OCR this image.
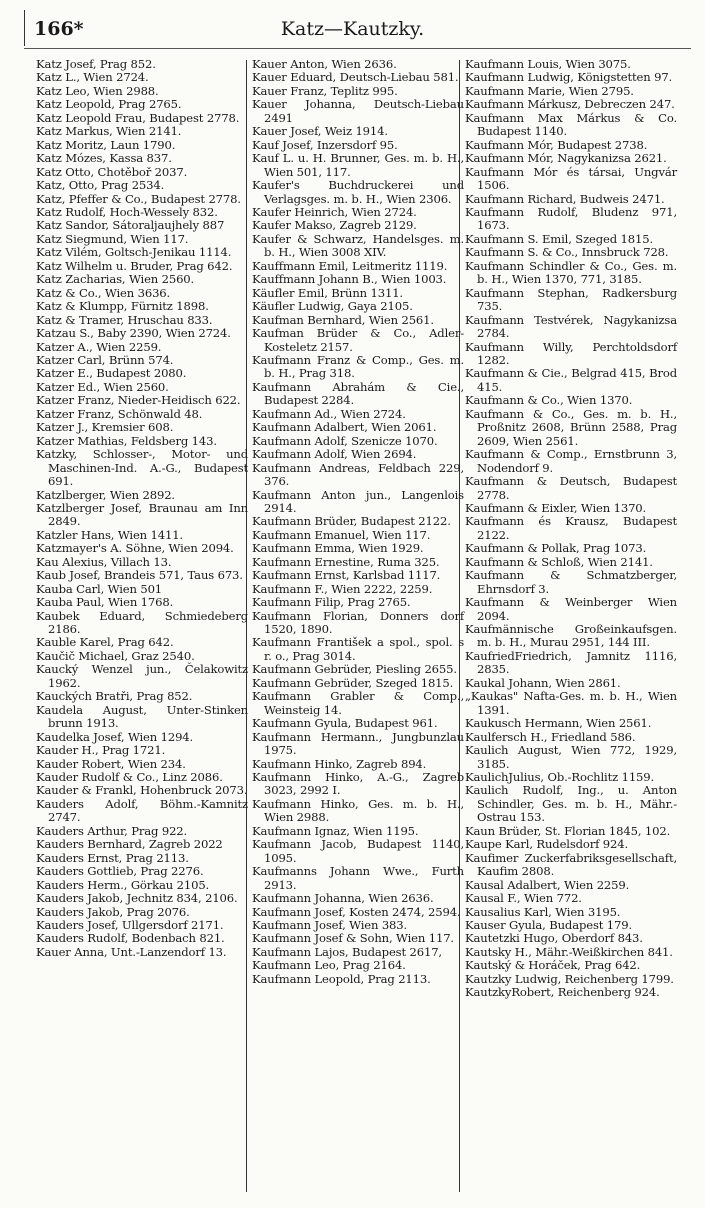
166*	Katz—Kautzky.
Katz Josef, Prag 852.
Katz L., Wien 2724.
Katz Leo, Wien 2988.
Katz Leopold, Prag 2765.
Katz Leopold Frau, Budapest 2778.
Katz Markus, Wien 2141.
Katz Moritz, Laun 1790.
Katz Mózes, Kassa 837.
Katz Otto, Chotěboř 2037.
Katz, Otto, Prag 2534.
Katz, Pfeffer & Co., Budapest 2778.
Katz Rudolf, Hoch-Wessely 832.
Katz Sandor, Sátoraljaujhely 887
Katz Siegmund, Wien 117.
Katz Vilém, Goltsch-Jenikau 1114.
Katz Wilhelm u. Bruder, Prag 642.
Katz Zacharias, Wien 2560.
Katz & Co., Wien 3636.
Katz & Klumpp, Fürnitz 1898.
Katz & Tramer, Hruschau 833.
Katzau S., Baby 2390, Wien 2724.
Katzer A., Wien 2259.
Katzer Carl, Brünn 574.
Katzer E., Budapest 2080.
Katzer Ed., Wien 2560.
Katzer Franz, Nieder-Heidisch 622.
Katzer Franz, Schönwald 48.
Katzer J., Kremsier 608.
Katzer Mathias, Feldsberg 143.
Katzky, Schlosser-, Motor- und Maschinen-Ind. A.-G., Budapest 691.
Katzlberger, Wien 2892.
Katzlberger Josef, Braunau am Inn 2849.
Katzler Hans, Wien 1411.
Katzmayer's A. Söhne, Wien 2094.
Kau Alexius, Villach 13.
Kaub Josef, Brandeis 571, Taus 673.
Kauba Carl, Wien 501
Kauba Paul, Wien 1768.
Kaubek Eduard, Schmiedeberg 2186.
Kauble Karel, Prag 642.
Kaučič Michael, Graz 2540.
Kaucký Wenzel jun., Čelakowitz 1962.
Kauckých Bratři, Prag 852.
Kaudela August, Unter-Stinken brunn 1913.
Kaudelka Josef, Wien 1294.
Kauder H., Prag 1721.
Kauder Robert, Wien 234.
Kauder Rudolf & Co., Linz 2086.
Kauder & Frankl, Hohenbruck 2073.
Kauders Adolf, Böhm.-Kamnitz 2747.
Kauders Arthur, Prag 922.
Kauders Bernhard, Zagreb 2022
Kauders Ernst, Prag 2113.
Kauders Gottlieb, Prag 2276.
Kauders Herm., Görkau 2105.
Kauders Jakob, Jechnitz 834, 2106.
Kauders Jakob, Prag 2076.
Kauders Josef, Ullgersdorf 2171.
Kauders Rudolf, Bodenbach 821.
Kauer Anna, Unt.-Lanzendorf 13.
Kauer Anton, Wien 2636.
Kauer Eduard, Deutsch-Liebau 581.
Kauer Franz, Teplitz 995.
Kauer Johanna, Deutsch-Liebau 2491
Kauer Josef, Weiz 1914.
Kauf Josef, Inzersdorf 95.
Kauf L. u. H. Brunner, Ges. m. b. H., Wien 501, 117.
Kaufer's Buchdruckerei und Verlagsges. m. b. H., Wien 2306.
Kaufer Heinrich, Wien 2724.
Kaufer Makso, Zagreb 2129.
Kaufer & Schwarz, Handelsges. m. b. H., Wien 3008 XIV.
Kauffmann Emil, Leitmeritz 1119.
Kauffmann Johann B., Wien 1003.
Käufler Emil, Brünn 1311.
Käufler Ludwig, Gaya 2105.
Kaufman Bernhard, Wien 2561.
Kaufman Brüder & Co., Adler-Kosteletz 2157.
Kaufmann Franz & Comp., Ges. m. b. H., Prag 318.
Kaufmann Abrahám & Cie., Budapest 2284.
Kaufmann Ad., Wien 2724.
Kaufmann Adalbert, Wien 2061.
Kaufmann Adolf, Szenicze 1070.
Kaufmann Adolf, Wien 2694.
Kaufmann Andreas, Feldbach 229, 376.
Kaufmann Anton jun., Langenlois 2914.
Kaufmann Brüder, Budapest 2122.
Kaufmann Emanuel, Wien 117.
Kaufmann Emma, Wien 1929.
Kaufmann Ernestine, Ruma 325.
Kaufmann Ernst, Karlsbad 1117.
Kaufmann F., Wien 2222, 2259.
Kaufmann Filip, Prag 2765.
Kaufmann Florian, Donners dorf 1520, 1890.
Kaufmann František a spol., spol. s r. o., Prag 3014.
Kaufmann Gebrüder, Piesling 2655.
Kaufmann Gebrüder, Szeged 1815.
Kaufmann Grabler & Comp., Weinsteig 14.
Kaufmann Gyula, Budapest 961.
Kaufmann Hermann., Jungbunzlau 1975.
Kaufmann Hinko, Zagreb 894.
Kaufmann Hinko, A.-G., Zagreb 3023, 2992 I.
Kaufmann Hinko, Ges. m. b. H., Wien 2988.
Kaufmann Ignaz, Wien 1195.
Kaufmann Jacob, Budapest 1140, 1095.
Kaufmanns Johann Wwe., Furth 2913.
Kaufmann Johanna, Wien 2636.
Kaufmann Josef, Kosten 2474, 2594.
Kaufmann Josef, Wien 383.
Kaufmann Josef & Sohn, Wien 117.
Kaufmann Lajos, Budapest 2617,
Kaufmann Leo, Prag 2164.
Kaufmann Leopold, Prag 2113.
Kaufmann Louis, Wien 3075.
Kaufmann Ludwig, Königstetten 97.
Kaufmann Marie, Wien 2795.
Kaufmann Márkusz, Debreczen 247.
Kaufmann Max Márkus & Co. Budapest 1140.
Kaufmann Mór, Budapest 2738.
Kaufmann Mór, Nagykanizsa 2621.
Kaufmann Mór és társai, Ungvár 1506.
Kaufmann Richard, Budweis 2471.
Kaufmann Rudolf, Bludenz 971, 1673.
Kaufmann S. Emil, Szeged 1815.
Kaufmann S. & Co., Innsbruck 728.
Kaufmann Schindler & Co., Ges. m. b. H., Wien 1370, 771, 3185.
Kaufmann Stephan, Radkersburg 735.
Kaufmann Testvérek, Nagykanizsa 2784.
Kaufmann Willy, Perchtoldsdorf 1282.
Kaufmann & Cie., Belgrad 415, Brod 415.
Kaufmann & Co., Wien 1370.
Kaufmann & Co., Ges. m. b. H., Proßnitz 2608, Brünn 2588, Prag 2609, Wien 2561.
Kaufmann & Comp., Ernstbrunn 3, Nodendorf 9.
Kaufmann & Deutsch, Budapest 2778.
Kaufmann & Eixler, Wien 1370.
Kaufmann és Krausz, Budapest 2122.
Kaufmann & Pollak, Prag 1073.
Kaufmann & Schloß, Wien 2141.
Kaufmann & Schmatzberger, Ehrnsdorf 3.
Kaufmann & Weinberger Wien 2094.
Kaufmännische Großeinkaufsgen. m. b. H., Murau 2951, 144 III.
KaufriedFriedrich, Jamnitz 1116, 2835.
Kaukal Johann, Wien 2861.
„Kaukas" Nafta-Ges. m. b. H., Wien 1391.
Kaukusch Hermann, Wien 2561.
Kaulfersch H., Friedland 586.
Kaulich August, Wien 772, 1929, 3185.
KaulichJulius, Ob.-Rochlitz 1159.
Kaulich Rudolf, Ing., u. Anton Schindler, Ges. m. b. H., Mähr.-Ostrau 153.
Kaun Brüder, St. Florian 1845, 102.
Kaupe Karl, Rudelsdorf 924.
Kaufimer Zuckerfabriksgesellschaft, Kaufim 2808.
Kausal Adalbert, Wien 2259.
Kausal F., Wien 772.
Kausalius Karl, Wien 3195.
Kauser Gyula, Budapest 179.
Kautetzki Hugo, Oberdorf 843.
Kautsky H., Mähr.-Weißkirchen 841.
Kautský & Horáček, Prag 642.
Kautzky Ludwig, Reichenberg 1799.
KautzkyRobert, Reichenberg 924.
